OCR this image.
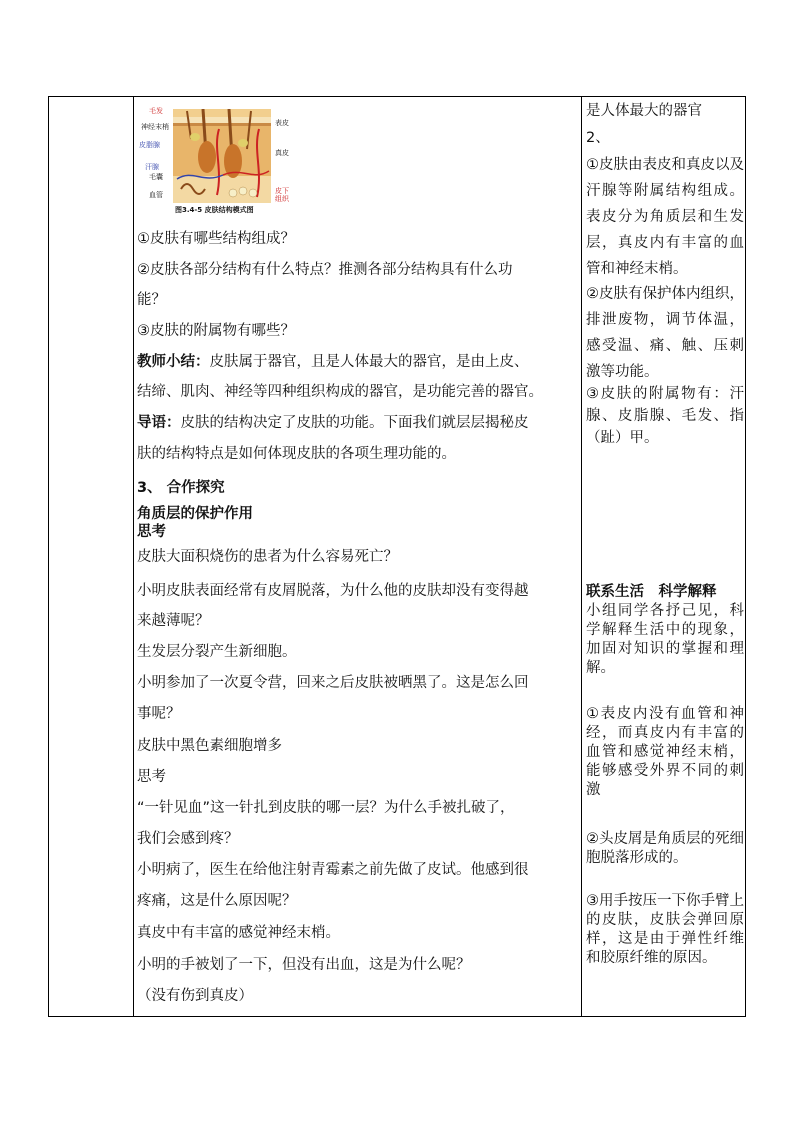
毛发
神经末梢
皮脂腺
汗腺
毛囊
血管
表皮
真皮
皮下
组织
图3.4-5 皮肤结构模式图

①皮肤有哪些结构组成？

②皮肤各部分结构有什么特点？推测各部分结构具有什么功

能？

③皮肤的附属物有哪些？

教师小结：皮肤属于器官，且是人体最大的器官，是由上皮、

结缔、肌肉、神经等四种组织构成的器官，是功能完善的器官。

导语：皮肤的结构决定了皮肤的功能。下面我们就层层揭秘皮

肤的结构特点是如何体现皮肤的各项生理功能的。

3、 合作探究

角质层的保护作用

思考

皮肤大面积烧伤的患者为什么容易死亡？

小明皮肤表面经常有皮屑脱落，为什么他的皮肤却没有变得越

来越薄呢？

生发层分裂产生新细胞。

小明参加了一次夏令营，回来之后皮肤被晒黑了。这是怎么回

事呢？

皮肤中黑色素细胞增多

思考

“一针见血”这一针扎到皮肤的哪一层？为什么手被扎破了，

我们会感到疼？

小明病了，医生在给他注射青霉素之前先做了皮试。他感到很

疼痛，这是什么原因呢？

真皮中有丰富的感觉神经末梢。

小明的手被划了一下，但没有出血，这是为什么呢？

（没有伤到真皮）

是人体最大的器官

2、

①皮肤由表皮和真皮以及汗腺等附属结构组成。表皮分为角质层和生发层，真皮内有丰富的血管和神经末梢。

②皮肤有保护体内组织，排泄废物，调节体温，感受温、痛、触、压刺激等功能。

③皮肤的附属物有：汗腺、皮脂腺、毛发、指（趾）甲。

联系生活　科学解释

小组同学各抒己见，科学解释生活中的现象，加固对知识的掌握和理解。

①表皮内没有血管和神经，而真皮内有丰富的血管和感觉神经末梢，能够感受外界不同的刺激

②头皮屑是角质层的死细胞脱落形成的。

③用手按压一下你手臂上的皮肤，皮肤会弹回原样，这是由于弹性纤维和胶原纤维的原因。
